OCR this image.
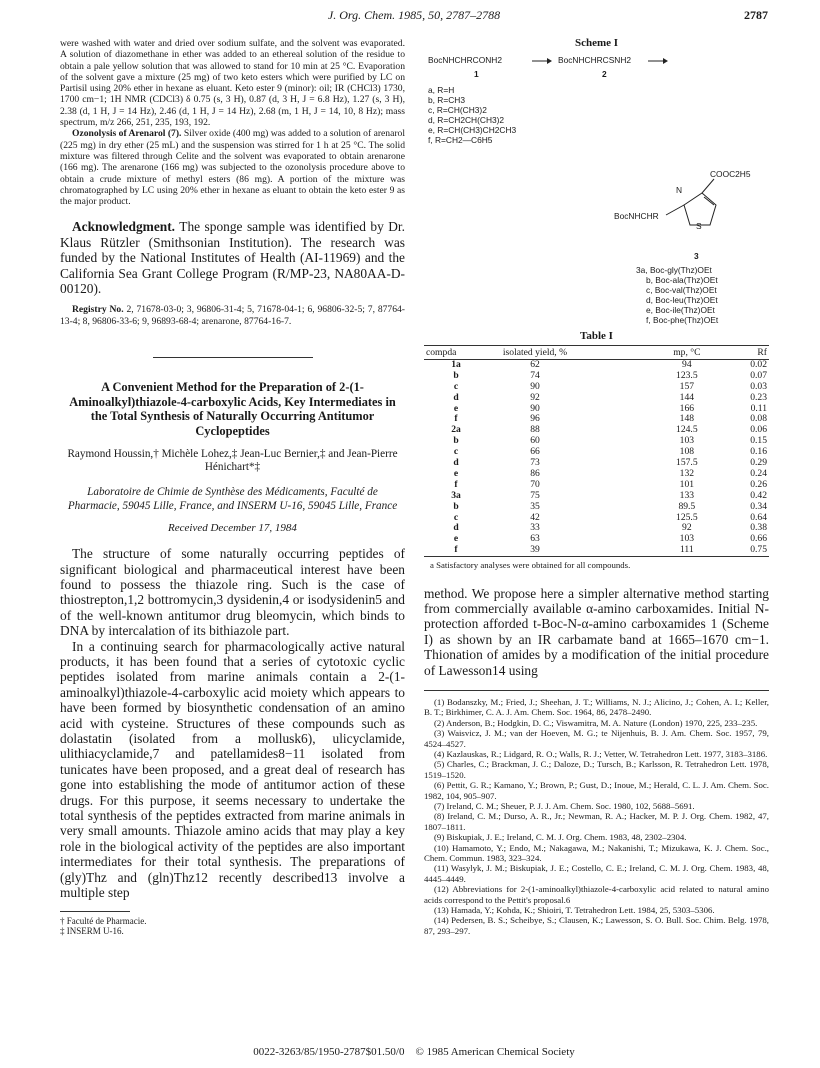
J. Org. Chem. 1985, 50, 2787–2788	2787

were washed with water and dried over sodium sulfate, and the solvent was evaporated. A solution of diazomethane in ether was added to an ethereal solution of the residue to obtain a pale yellow solution that was allowed to stand for 10 min at 25 °C. Evaporation of the solvent gave a mixture (25 mg) of two keto esters which were purified by LC on Partisil using 20% ether in hexane as eluant. Keto ester 9 (minor): oil; IR (CHCl3) 1730, 1700 cm−1; 1H NMR (CDCl3) δ 0.75 (s, 3 H), 0.87 (d, 3 H, J = 6.8 Hz), 1.27 (s, 3 H), 2.38 (d, 1 H, J = 14 Hz), 2.46 (d, 1 H, J = 14 Hz), 2.68 (m, 1 H, J = 14, 10, 8 Hz); mass spectrum, m/z 266, 251, 235, 193, 192.

Ozonolysis of Arenarol (7). Silver oxide (400 mg) was added to a solution of arenarol (225 mg) in dry ether (25 mL) and the suspension was stirred for 1 h at 25 °C. The solid mixture was filtered through Celite and the solvent was evaporated to obtain arenarone (166 mg). The arenarone (166 mg) was subjected to the ozonolysis procedure above to obtain a crude mixture of methyl esters (86 mg). A portion of the mixture was chromatographed by LC using 20% ether in hexane as eluant to obtain the keto ester 9 as the major product.

Acknowledgment. The sponge sample was identified by Dr. Klaus Rützler (Smithsonian Institution). The research was funded by the National Institutes of Health (AI-11969) and the California Sea Grant College Program (R/MP-23, NA80AA-D-00120).

Registry No. 2, 71678-03-0; 3, 96806-31-4; 5, 71678-04-1; 6, 96806-32-5; 7, 87764-13-4; 8, 96806-33-6; 9, 96893-68-4; arenarone, 87764-16-7.

A Convenient Method for the Preparation of 2-(1-Aminoalkyl)thiazole-4-carboxylic Acids, Key Intermediates in the Total Synthesis of Naturally Occurring Antitumor Cyclopeptides
Raymond Houssin,† Michèle Lohez,‡ Jean-Luc Bernier,‡ and Jean-Pierre Hénichart*‡
Laboratoire de Chimie de Synthèse des Médicaments, Faculté de Pharmacie, 59045 Lille, France, and INSERM U-16, 59045 Lille, France
Received December 17, 1984

The structure of some naturally occurring peptides of significant biological and pharmaceutical interest have been found to possess the thiazole ring. Such is the case of thiostrepton,1,2 bottromycin,3 dysidenin,4 or isodysidenin5 and of the well-known antitumor drug bleomycin, which binds to DNA by intercalation of its bithiazole part.

In a continuing search for pharmacologically active natural products, it has been found that a series of cytotoxic cyclic peptides isolated from marine animals contain a 2-(1-aminoalkyl)thiazole-4-carboxylic acid moiety which appears to have been formed by biosynthetic condensation of an amino acid with cysteine. Structures of these compounds such as dolastatin (isolated from a mollusk6), ulicyclamide, ulithiacyclamide,7 and patellamides8−11 isolated from tunicates have been proposed, and a great deal of research has gone into establishing the mode of antitumor action of these drugs. For this purpose, it seems necessary to undertake the total synthesis of the peptides extracted from marine animals in very small amounts. Thiazole amino acids that may play a key role in the biological activity of the peptides are also important intermediates for their total synthesis. The preparations of (gly)Thz and (gln)Thz12 recently described13 involve a multiple step

† Faculté de Pharmacie.
‡ INSERM U-16.
Scheme I
BocNHCHRCONH2	→ BocNHCHRCSNH2
1	2
a, R=H
b, R=CH3
c, R=CH(CH3)2
d, R=CH2CH(CH3)2
e, R=CH(CH3)CH2CH3
f, R=CH2—C6H5
COOC2H5
N
S
BocNHCHR
3
3a, Boc-gly(Thz)OEt
b, Boc-ala(Thz)OEt
c, Boc-val(Thz)OEt
d, Boc-leu(Thz)OEt
e, Boc-ile(Thz)OEt
f, Boc-phe(Thz)OEt
Table I
compda	isolated yield, %	mp, °C	Rf
1a	62	94	0.02
b	74	123.5	0.07
c	90	157	0.03
d	92	144	0.23
e	90	166	0.11
f	96	148	0.08
2a	88	124.5	0.06
b	60	103	0.15
c	66	108	0.16
d	73	157.5	0.29
e	86	132	0.24
f	70	101	0.26
3a	75	133	0.42
b	35	89.5	0.34
c	42	125.5	0.64
d	33	92	0.38
e	63	103	0.66
f	39	111	0.75
a Satisfactory analyses were obtained for all compounds.

method. We propose here a simpler alternative method starting from commercially available α-amino carboxamides. Initial N-protection afforded t-Boc-N-α-amino carboxamides 1 (Scheme I) as shown by an IR carbamate band at 1665–1670 cm−1. Thionation of amides by a modification of the initial procedure of Lawesson14 using

(1) Bodanszky, M.; Fried, J.; Sheehan, J. T.; Williams, N. J.; Alicino, J.; Cohen, A. I.; Keller, B. T.; Birkhimer, C. A. J. Am. Chem. Soc. 1964, 86, 2478–2490.
(2) Anderson, B.; Hodgkin, D. C.; Viswamitra, M. A. Nature (London) 1970, 225, 233–235.
(3) Waisvicz, J. M.; van der Hoeven, M. G.; te Nijenhuis, B. J. Am. Chem. Soc. 1957, 79, 4524–4527.
(4) Kazlauskas, R.; Lidgard, R. O.; Walls, R. J.; Vetter, W. Tetrahedron Lett. 1977, 3183–3186.
(5) Charles, C.; Brackman, J. C.; Daloze, D.; Tursch, B.; Karlsson, R. Tetrahedron Lett. 1978, 1519–1520.
(6) Pettit, G. R.; Kamano, Y.; Brown, P.; Gust, D.; Inoue, M.; Herald, C. L. J. Am. Chem. Soc. 1982, 104, 905–907.
(7) Ireland, C. M.; Sheuer, P. J. J. Am. Chem. Soc. 1980, 102, 5688–5691.
(8) Ireland, C. M.; Durso, A. R., Jr.; Newman, R. A.; Hacker, M. P. J. Org. Chem. 1982, 47, 1807–1811.
(9) Biskupiak, J. E.; Ireland, C. M. J. Org. Chem. 1983, 48, 2302–2304.
(10) Hamamoto, Y.; Endo, M.; Nakagawa, M.; Nakanishi, T.; Mizukawa, K. J. Chem. Soc., Chem. Commun. 1983, 323–324.
(11) Wasylyk, J. M.; Biskupiak, J. E.; Costello, C. E.; Ireland, C. M. J. Org. Chem. 1983, 48, 4445–4449.
(12) Abbreviations for 2-(1-aminoalkyl)thiazole-4-carboxylic acid related to natural amino acids correspond to the Pettit's proposal.6
(13) Hamada, Y.; Kohda, K.; Shioiri, T. Tetrahedron Lett. 1984, 25, 5303–5306.
(14) Pedersen, B. S.; Scheibye, S.; Clausen, K.; Lawesson, S. O. Bull. Soc. Chim. Belg. 1978, 87, 293–297.
0022-3263/85/1950-2787$01.50/0 © 1985 American Chemical Society
